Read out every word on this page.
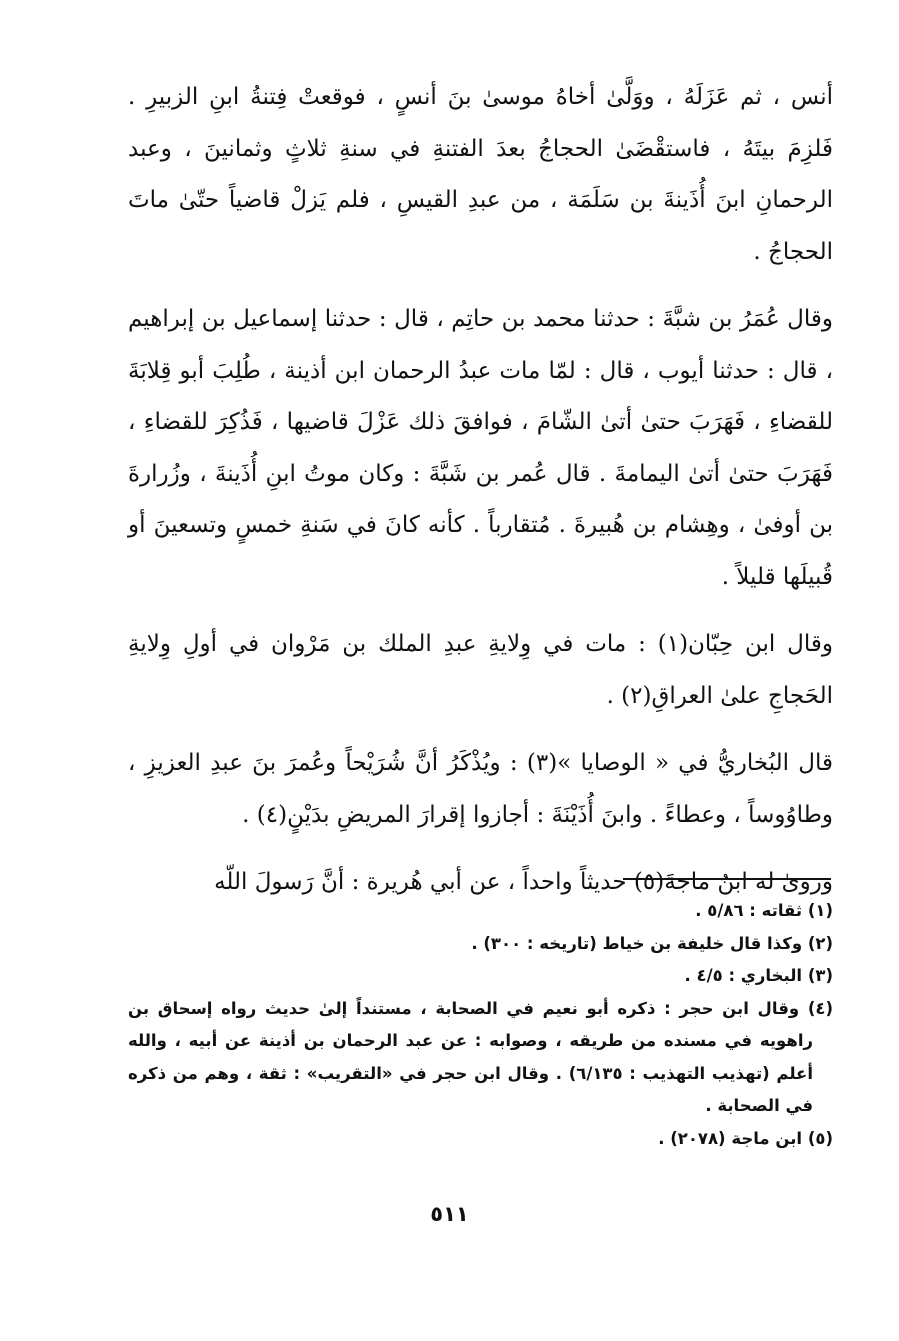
أنس ، ثم عَزَلَهُ ، ووَلَّىٰ أخاهُ موسىٰ بنَ أنسٍ ، فوقعتْ فِتنةُ ابنِ الزبيرِ . فَلزِمَ بيتَهُ ، فاستقْضَىٰ الحجاجُ بعدَ الفتنةِ في سنةِ ثلاثٍ وثمانينَ ، وعبد الرحمانِ ابنَ أُذَينةَ بن سَلَمَة ، من عبدِ القيسِ ، فلم يَزلْ قاضياً حتّىٰ ماتَ الحجاجُ .

وقال عُمَرُ بن شبَّةَ : حدثنا محمد بن حاتِم ، قال : حدثنا إسماعيل بن إبراهيم ، قال : حدثنا أيوب ، قال : لمّا مات عبدُ الرحمان ابن أذينة ، طُلِبَ أبو قِلابَةَ للقضاءِ ، فَهَرَبَ حتىٰ أتىٰ الشّامَ ، فوافقَ ذلك عَزْلَ قاضيها ، فَذُكِرَ للقضاءِ ، فَهَرَبَ حتىٰ أتىٰ اليمامةَ . قال عُمر بن شَبَّةَ : وكان موتُ ابنِ أُذَينةَ ، وزُرارةَ بن أوفىٰ ، وهِشام بن هُبيرةَ . مُتقارباً . كأنه كانَ في سَنةِ خمسٍ وتسعينَ أو قُبيلَها قليلاً .

وقال ابن حِبّان(١) : مات في وِلايةِ عبدِ الملك بن مَرْوان في أولِ وِلايةِ الحَجاجِ علىٰ العراقِ(٢) .

قال البُخاريُّ في « الوصايا »(٣) : ويُذْكَرُ أنَّ شُرَيْحاً وعُمرَ بنَ عبدِ العزيزِ ، وطاوُوساً ، وعطاءً . وابنَ أُذَيْنَةَ : أجازوا إقرارَ المريضِ بدَيْنٍ(٤) .

وروىٰ له ابنُ ماجةَ(٥) حديثاً واحداً ، عن أبي هُريرة : أنَّ رَسولَ اللّه

(١) ثقاته : ٥/٨٦ .

(٢) وكذا قال خليفة بن خياط (تاريخه : ٣٠٠) .

(٣) البخاري : ٤/٥ .

(٤) وقال ابن حجر : ذكره أبو نعيم في الصحابة ، مستنداً إلىٰ حديث رواه إسحاق بن راهويه في مسنده من طريقه ، وصوابه : عن عبد الرحمان بن أذينة عن أبيه ، والله أعلم (تهذيب التهذيب : ٦/١٣٥) . وقال ابن حجر في «التقريب» : ثقة ، وهم من ذكره في الصحابة .

(٥) ابن ماجة (٢٠٧٨) .

٥١١
